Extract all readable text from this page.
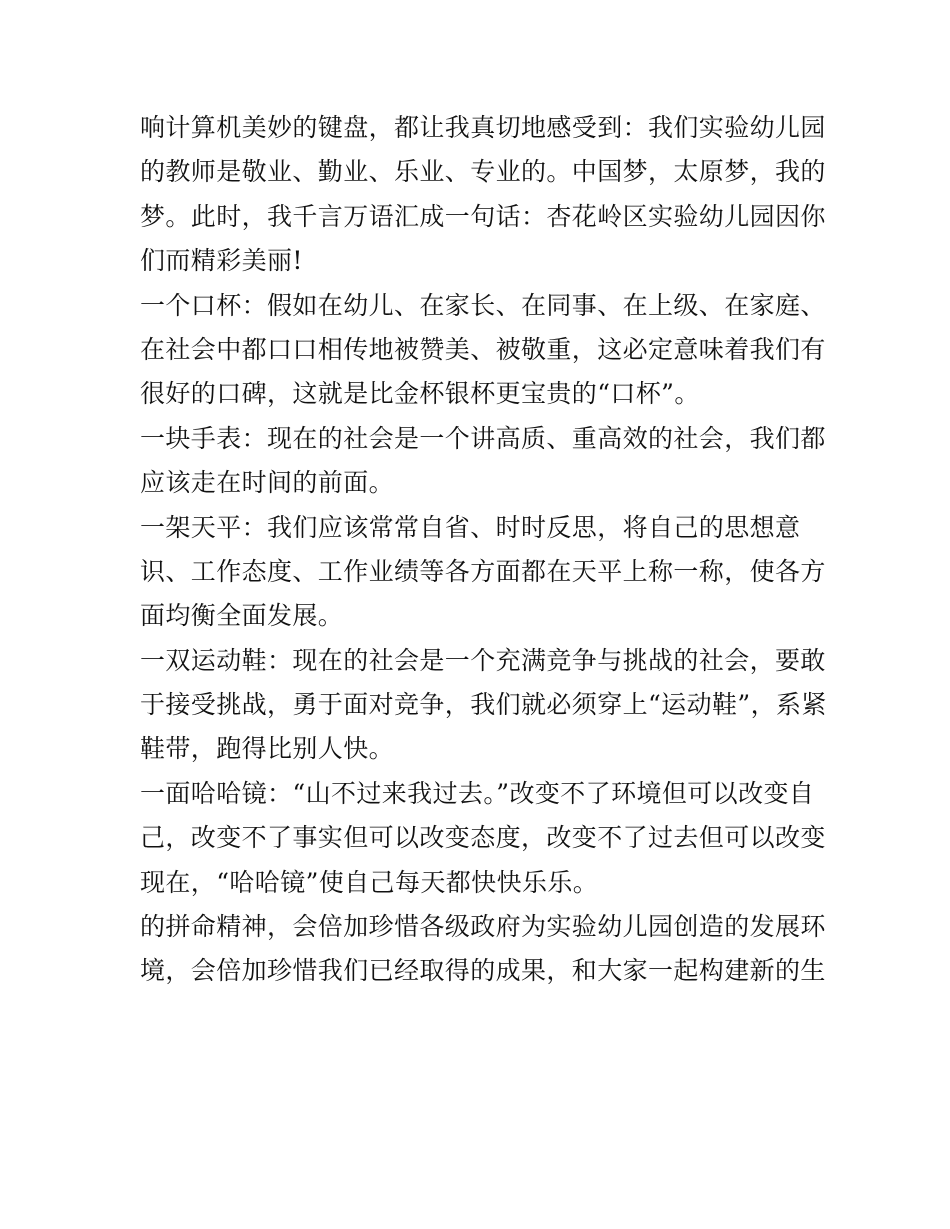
响计算机美妙的键盘，都让我真切地感受到：我们实验幼儿园
的教师是敬业、勤业、乐业、专业的。中国梦，太原梦，我的
梦。此时，我千言万语汇成一句话：杏花岭区实验幼儿园因你
们而精彩美丽!
一个口杯：假如在幼儿、在家长、在同事、在上级、在家庭、
在社会中都口口相传地被赞美、被敬重，这必定意味着我们有
很好的口碑，这就是比金杯银杯更宝贵的“口杯”。
一块手表：现在的社会是一个讲高质、重高效的社会，我们都
应该走在时间的前面。
一架天平：我们应该常常自省、时时反思，将自己的思想意
识、工作态度、工作业绩等各方面都在天平上称一称，使各方
面均衡全面发展。
一双运动鞋：现在的社会是一个充满竞争与挑战的社会，要敢
于接受挑战，勇于面对竞争，我们就必须穿上“运动鞋”，系紧
鞋带，跑得比别人快。
一面哈哈镜：“山不过来我过去。”改变不了环境但可以改变自
己，改变不了事实但可以改变态度，改变不了过去但可以改变
现在，“哈哈镜”使自己每天都快快乐乐。
的拼命精神，会倍加珍惜各级政府为实验幼儿园创造的发展环
境，会倍加珍惜我们已经取得的成果，和大家一起构建新的生
